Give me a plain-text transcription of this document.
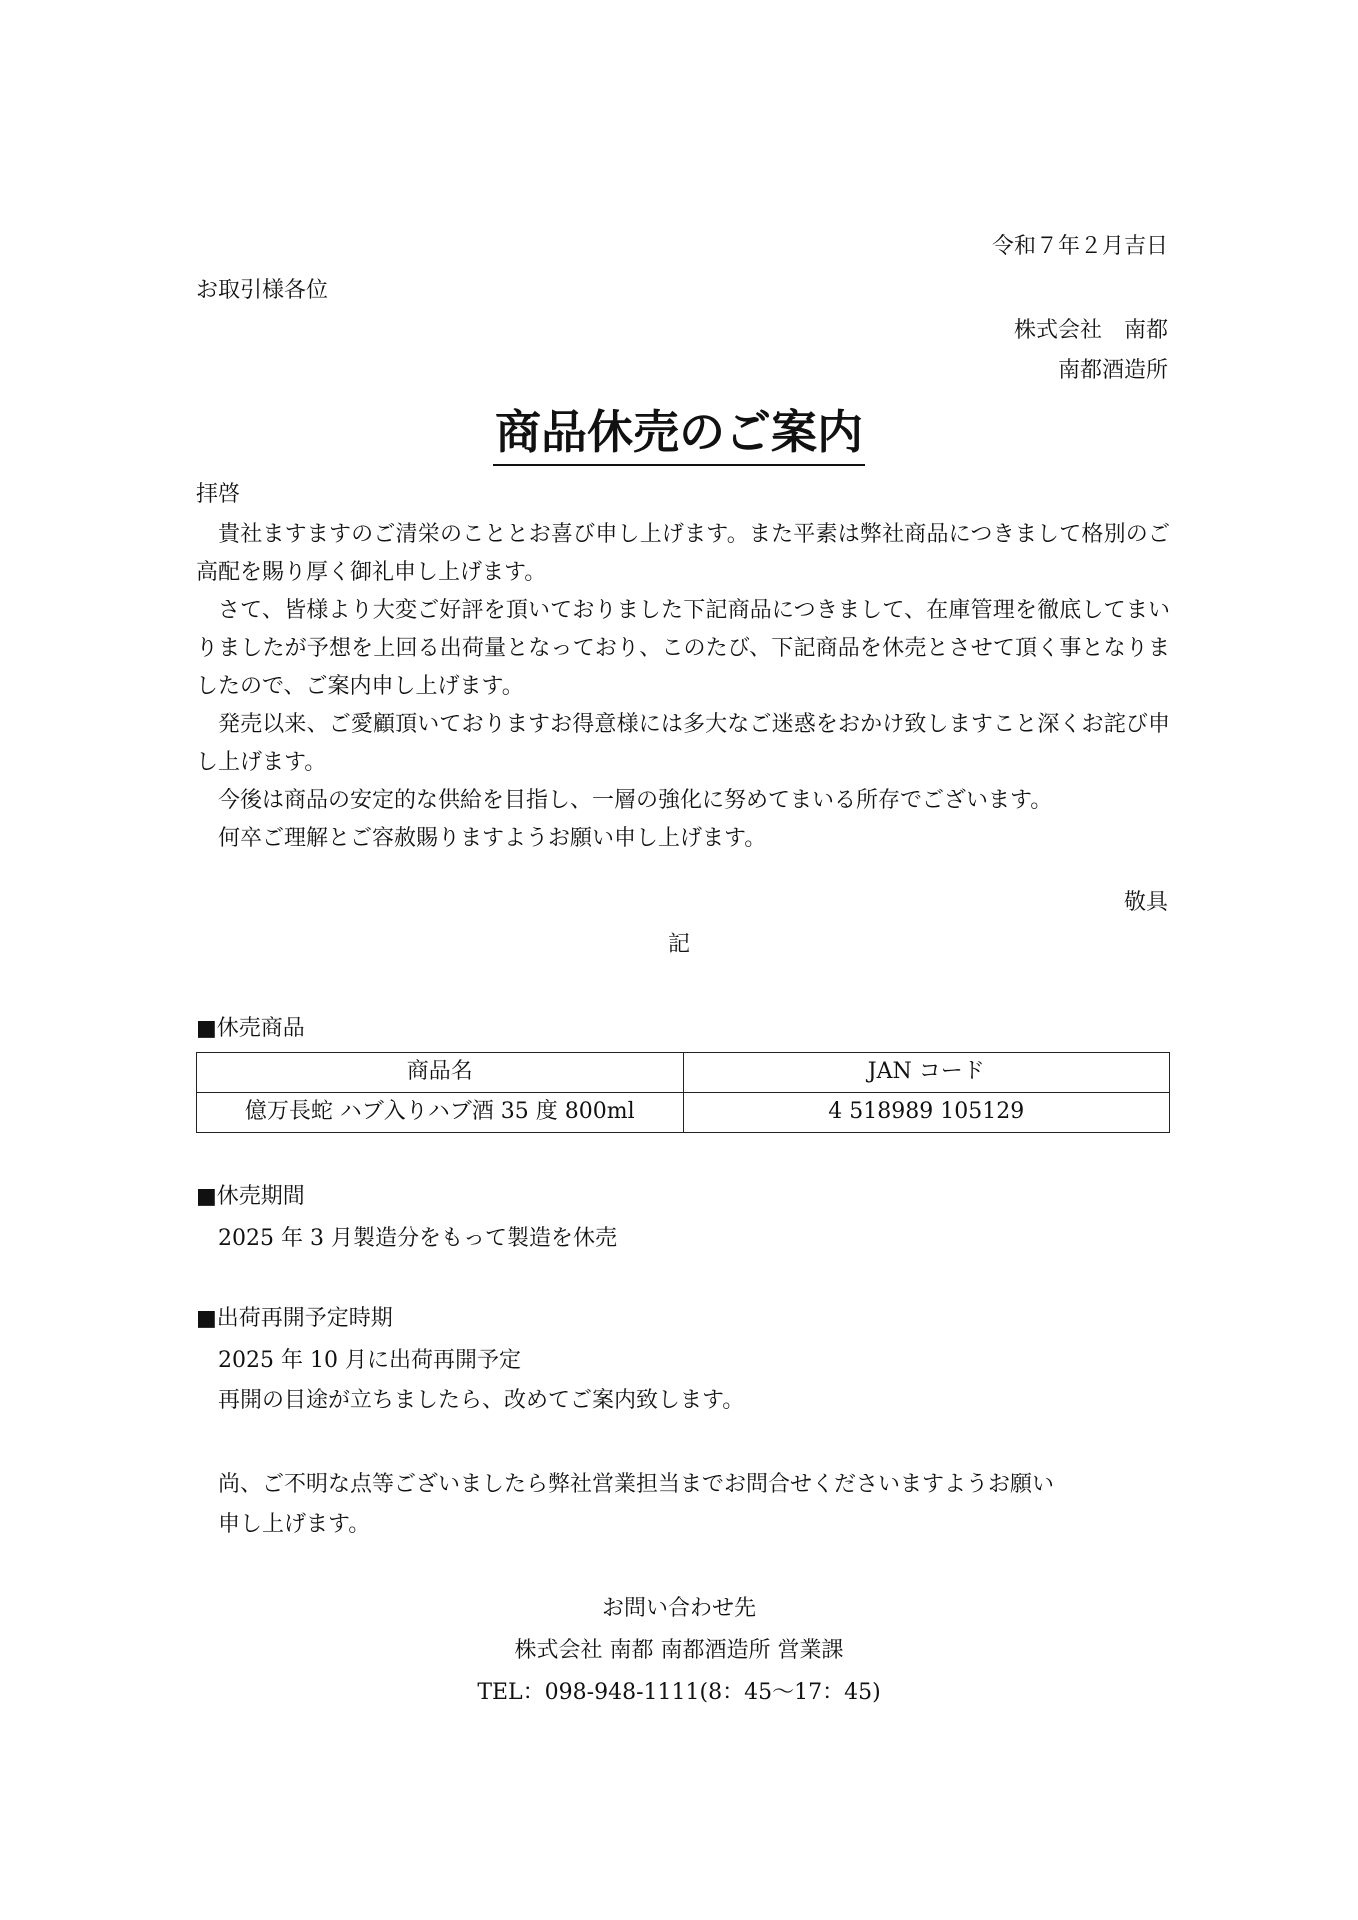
令和７年２月吉日
お取引様各位
株式会社　南都
南都酒造所
商品休売のご案内
拝啓

貴社ますますのご清栄のこととお喜び申し上げます。また平素は弊社商品につきまして格別のご高配を賜り厚く御礼申し上げます。

さて、皆様より大変ご好評を頂いておりました下記商品につきまして、在庫管理を徹底してまいりましたが予想を上回る出荷量となっており、このたび、下記商品を休売とさせて頂く事となりましたので、ご案内申し上げます。

発売以来、ご愛顧頂いておりますお得意様には多大なご迷惑をおかけ致しますこと深くお詫び申し上げます。

今後は商品の安定的な供給を目指し、一層の強化に努めてまいる所存でございます。

何卒ご理解とご容赦賜りますようお願い申し上げます。

敬具
記
■休売商品
商品名	JAN コード
億万長蛇 ハブ入りハブ酒 35 度 800ml	4 518989 105129
■休売期間
2025 年 3 月製造分をもって製造を休売
■出荷再開予定時期
2025 年 10 月に出荷再開予定
再開の目途が立ちましたら、改めてご案内致します。
尚、ご不明な点等ございましたら弊社営業担当までお問合せくださいますようお願い
申し上げます。
お問い合わせ先
株式会社 南都 南都酒造所 営業課
TEL：098-948-1111(8：45～17：45)
